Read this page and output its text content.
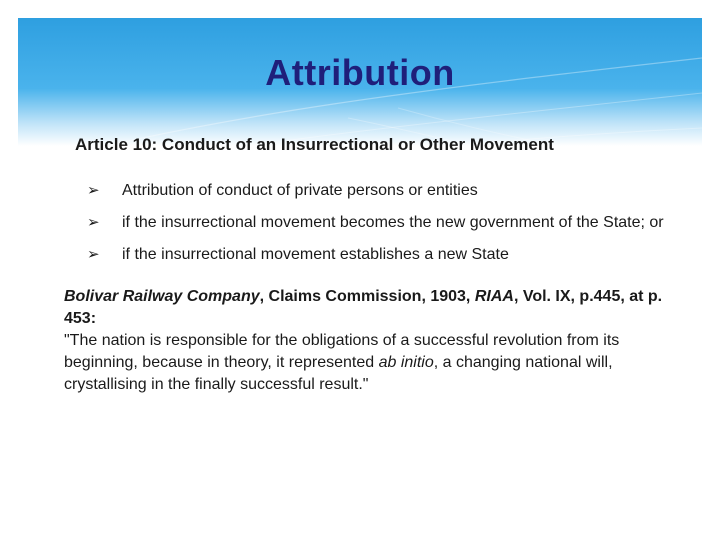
Attribution
Article 10: Conduct of an Insurrectional or Other Movement
➢ Attribution of conduct of private persons or entities
➢ if the insurrectional movement becomes the new government of the State; or
➢ if the insurrectional movement establishes a new State
Bolivar Railway Company, Claims Commission, 1903, RIAA, Vol. IX, p.445, at p. 453:
"The nation is responsible for the obligations of a successful revolution from its beginning, because in theory, it represented ab initio, a changing national will, crystallising in the finally successful result."
